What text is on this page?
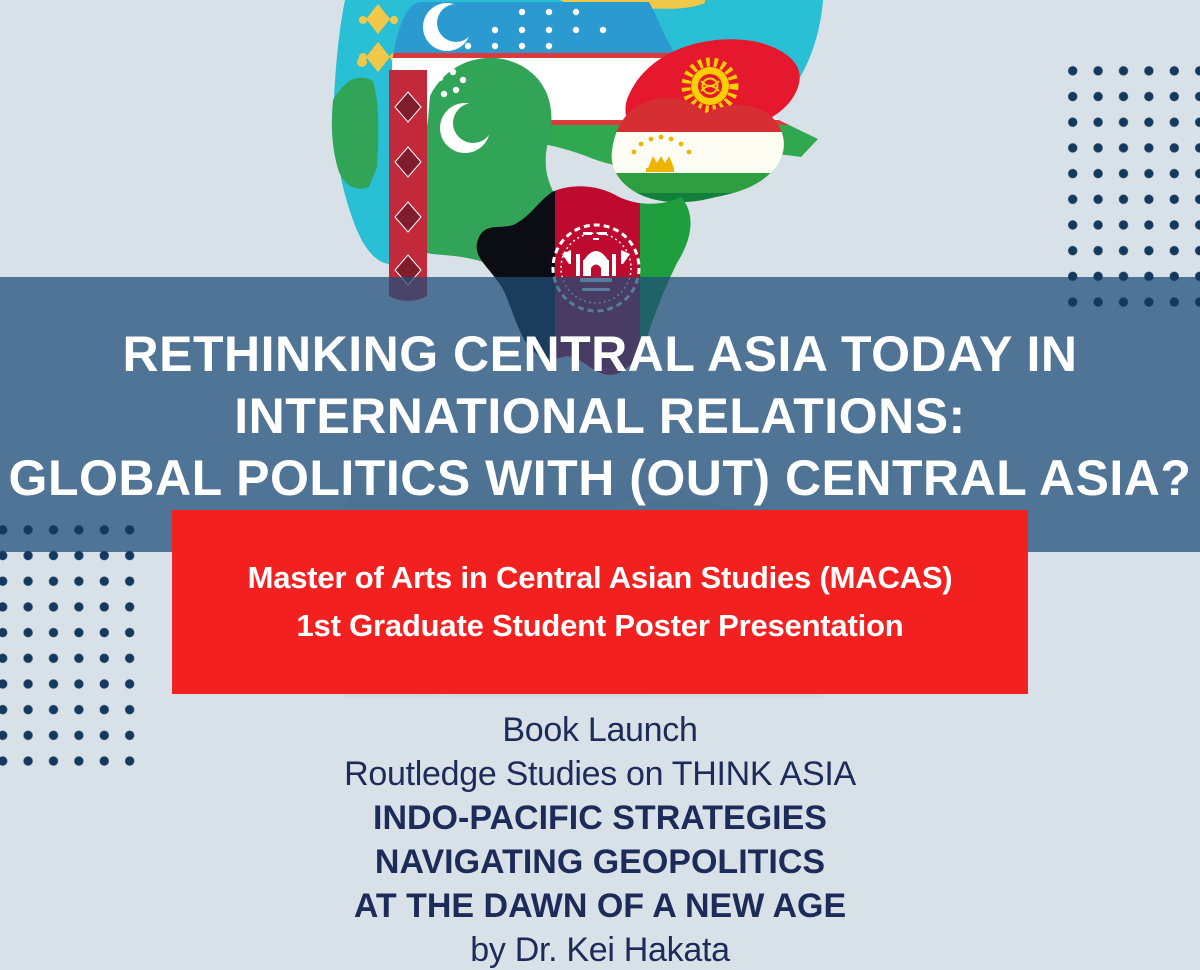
RETHINKING CENTRAL ASIA TODAY IN
INTERNATIONAL RELATIONS:
GLOBAL POLITICS WITH (OUT) CENTRAL ASIA?
Master of Arts in Central Asian Studies (MACAS)
1st Graduate Student Poster Presentation
Book Launch
Routledge Studies on THINK ASIA
INDO-PACIFIC STRATEGIES
NAVIGATING GEOPOLITICS
AT THE DAWN OF A NEW AGE
by Dr. Kei Hakata
